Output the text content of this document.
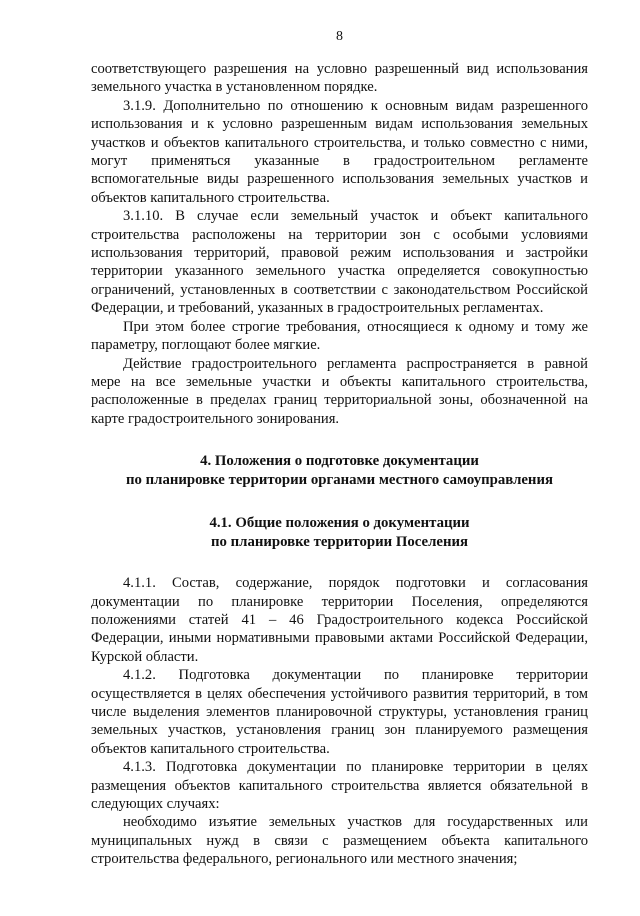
8

соответствующего разрешения на условно разрешенный вид использования земельного участка в установленном порядке.

3.1.9. Дополнительно по отношению к основным видам разрешенного использования и к условно разрешенным видам использования земельных участков и объектов капитального строительства, и только совместно с ними, могут применяться указанные в градостроительном регламенте вспомогательные виды разрешенного использования земельных участков и объектов капитального строительства.

3.1.10. В случае если земельный участок и объект капитального строительства расположены на территории зон с особыми условиями использования территорий, правовой режим использования и застройки территории указанного земельного участка определяется совокупностью ограничений, установленных в соответствии с законодательством Российской Федерации, и требований, указанных в градостроительных регламентах.

При этом более строгие требования, относящиеся к одному и тому же параметру, поглощают более мягкие.

Действие градостроительного регламента распространяется в равной мере на все земельные участки и объекты капитального строительства, расположенные в пределах границ территориальной зоны, обозначенной на карте градостроительного зонирования.

4. Положения о подготовке документации
по планировке территории органами местного самоуправления
4.1. Общие положения о документации
по планировке территории Поселения

4.1.1. Состав, содержание, порядок подготовки и согласования документации по планировке территории Поселения, определяются положениями статей 41 – 46 Градостроительного кодекса Российской Федерации, иными нормативными правовыми актами Российской Федерации, Курской области.

4.1.2. Подготовка документации по планировке территории осуществляется в целях обеспечения устойчивого развития территорий, в том числе выделения элементов планировочной структуры, установления границ земельных участков, установления границ зон планируемого размещения объектов капитального строительства.

4.1.3. Подготовка документации по планировке территории в целях размещения объектов капитального строительства является обязательной в следующих случаях:

необходимо изъятие земельных участков для государственных или муниципальных нужд в связи с размещением объекта капитального строительства федерального, регионального или местного значения;
